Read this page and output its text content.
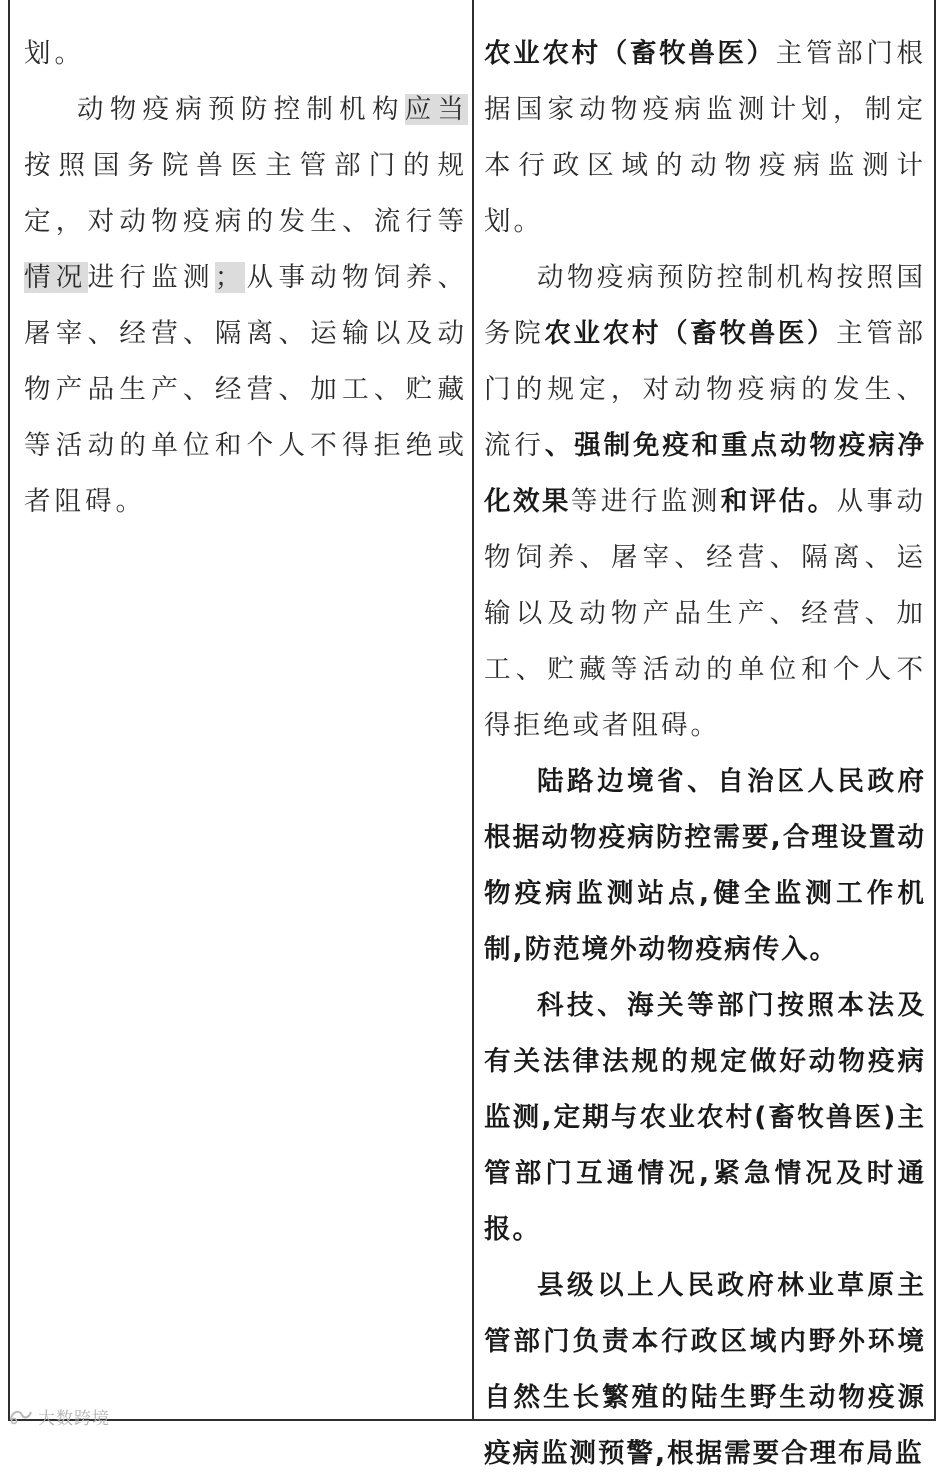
划。

动物疫病预防控制机构应当按照国务院兽医主管部门的规定，对动物疫病的发生、流行等情况进行监测；从事动物饲养、屠宰、经营、隔离、运输以及动物产品生产、经营、加工、贮藏等活动的单位和个人不得拒绝或者阻碍。

农业农村（畜牧兽医）主管部门根据国家动物疫病监测计划，制定本行政区域的动物疫病监测计划。

动物疫病预防控制机构按照国务院农业农村（畜牧兽医）主管部门的规定，对动物疫病的发生、流行、强制免疫和重点动物疫病净化效果等进行监测和评估。从事动物饲养、屠宰、经营、隔离、运输以及动物产品生产、经营、加工、贮藏等活动的单位和个人不得拒绝或者阻碍。

陆路边境省、自治区人民政府根据动物疫病防控需要,合理设置动物疫病监测站点,健全监测工作机制,防范境外动物疫病传入。

科技、海关等部门按照本法及有关法律法规的规定做好动物疫病监测,定期与农业农村(畜牧兽医)主管部门互通情况,紧急情况及时通报。

县级以上人民政府林业草原主管部门负责本行政区域内野外环境自然生长繁殖的陆生野生动物疫源疫病监测预警,根据需要合理布局监

大数跨境
